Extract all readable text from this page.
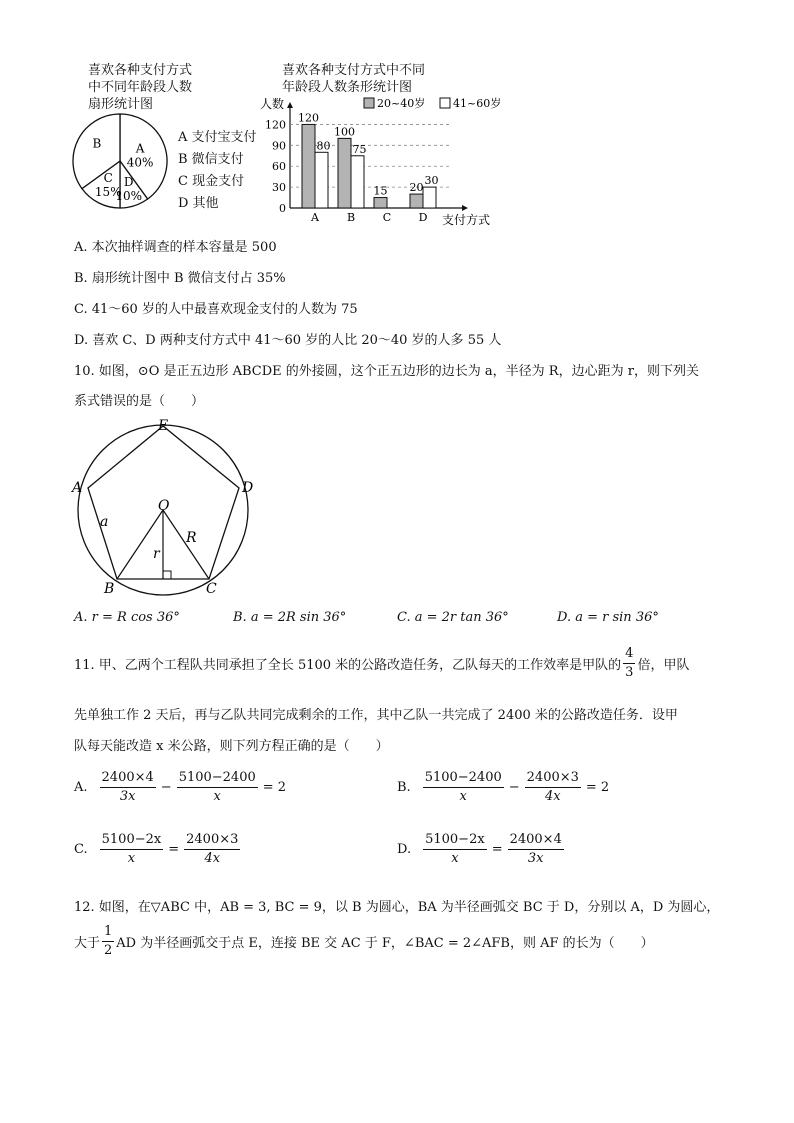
喜欢各种支付方式
中不同年龄段人数
扇形统计图
A
40%
D
10%
C
15%
B	A 支付宝支付
B 微信支付
C 现金支付
D 其他
喜欢各种支付方式中不同
年龄段人数条形统计图
人数
0
30
60
90
120
120
80
A
100
75
B
15
C
20
30
D 支付方式
20~40岁	41~60岁
A. 本次抽样调查的样本容量是 500
B. 扇形统计图中 B 微信支付占 35%
C. 41～60 岁的人中最喜欢现金支付的人数为 75
D. 喜欢 C、D 两种支付方式中 41～60 岁的人比 20～40 岁的人多 55 人
10. 如图，⊙O 是正五边形 ABCDE 的外接圆，这个正五边形的边长为 a，半径为 R，边心距为 r，则下列关
系式错误的是（　　）
E
A	D
O
a
r
R
B	C
A. r = R cos 36°	B. a = 2R sin 36°	C. a = 2r tan 36°	D. a = r sin 36°
11. 甲、乙两个工程队共同承担了全长 5100 米的公路改造任务，乙队每天的工作效率是甲队的 $\frac{4}{3}$ 倍，甲队
先单独工作 2 天后，再与乙队共同完成剩余的工作，其中乙队一共完成了 2400 米的公路改造任务．设甲
队每天能改造 x 米公路，则下列方程正确的是（　　）
A. $\frac{2400\times 4}{3x} - \frac{5100-2400}{x} = 2$	B. $\frac{5100-2400}{x} - \frac{2400\times 3}{4x} = 2$
C. $\frac{5100-2x}{x} = \frac{2400\times 3}{4x}$	D. $\frac{5100-2x}{x} = \frac{2400\times 4}{3x}$
12. 如图，在▽ABC 中，AB = 3, BC = 9，以 B 为圆心，BA 为半径画弧交 BC 于 D，分别以 A，D 为圆心，
大于 $\frac{1}{2}$ AD 为半径画弧交于点 E，连接 BE 交 AC 于 F，∠BAC = 2∠AFB，则 AF 的长为（　　）
